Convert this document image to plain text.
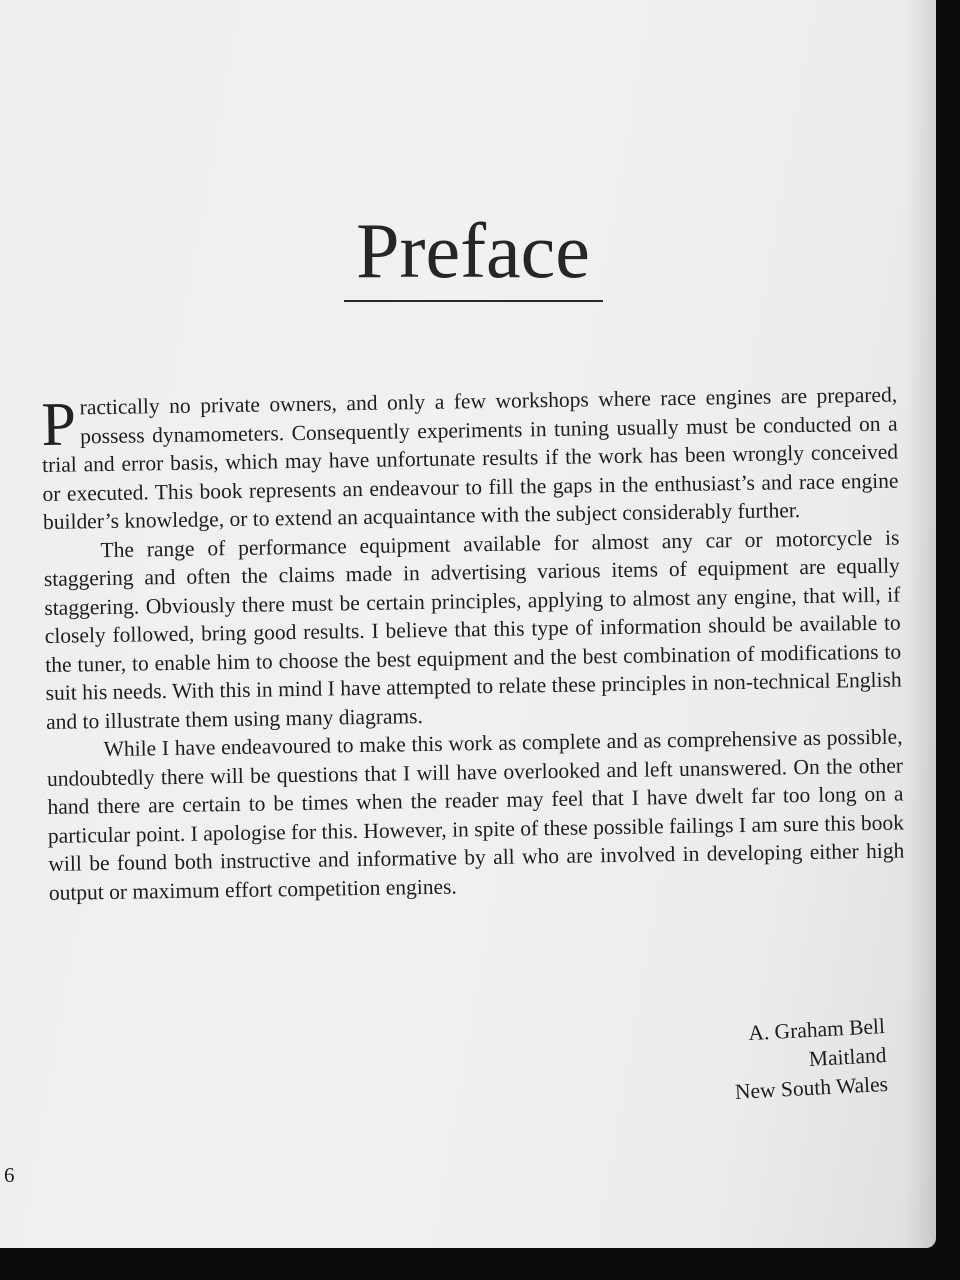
Preface

Practically no private owners, and only a few workshops where race engines are prepared, possess dynamometers. Consequently experiments in tuning usually must be conducted on a trial and error basis, which may have unfortunate results if the work has been wrongly conceived or executed. This book represents an endeavour to fill the gaps in the enthusiast’s and race engine builder’s knowledge, or to extend an acquaintance with the subject considerably further.

The range of performance equipment available for almost any car or motorcycle is staggering and often the claims made in advertising various items of equipment are equally staggering. Obviously there must be certain principles, applying to almost any engine, that will, if closely followed, bring good results. I believe that this type of information should be available to the tuner, to enable him to choose the best equipment and the best combination of modifications to suit his needs. With this in mind I have attempted to relate these principles in non-technical English and to illustrate them using many diagrams.

While I have endeavoured to make this work as complete and as comprehensive as possible, undoubtedly there will be questions that I will have overlooked and left unanswered. On the other hand there are certain to be times when the reader may feel that I have dwelt far too long on a particular point. I apologise for this. However, in spite of these possible failings I am sure this book will be found both instructive and informative by all who are involved in developing either high output or maximum effort competition engines.

A. Graham Bell
Maitland
New South Wales
6
